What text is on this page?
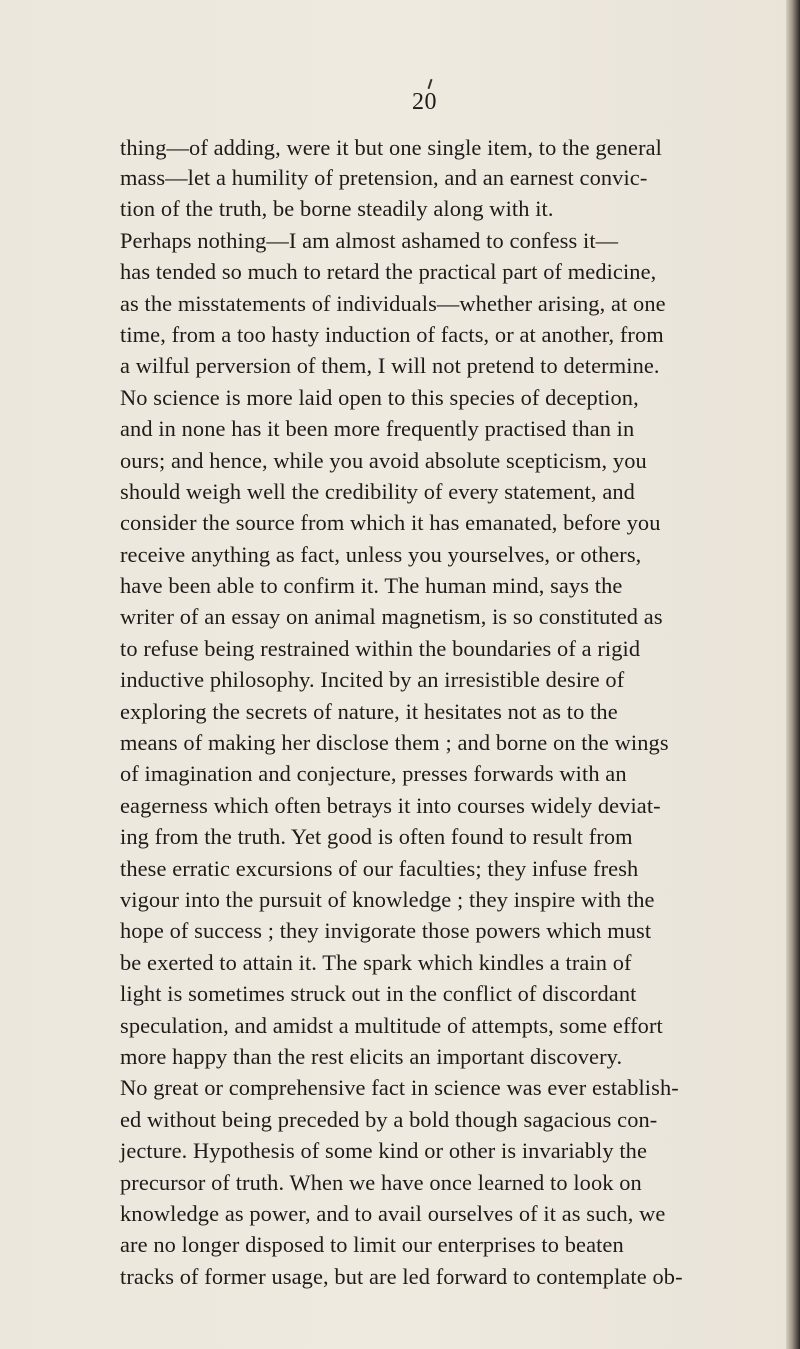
20
thing—of adding, were it but one single item, to the general
mass—let a humility of pretension, and an earnest convic-
tion of the truth, be borne steadily along with it.
Perhaps nothing—I am almost ashamed to confess it—
has tended so much to retard the practical part of medicine,
as the misstatements of individuals—whether arising, at one
time, from a too hasty induction of facts, or at another, from
a wilful perversion of them, I will not pretend to determine.
No science is more laid open to this species of deception,
and in none has it been more frequently practised than in
ours; and hence, while you avoid absolute scepticism, you
should weigh well the credibility of every statement, and
consider the source from which it has emanated, before you
receive anything as fact, unless you yourselves, or others,
have been able to confirm it. The human mind, says the
writer of an essay on animal magnetism, is so constituted as
to refuse being restrained within the boundaries of a rigid
inductive philosophy. Incited by an irresistible desire of
exploring the secrets of nature, it hesitates not as to the
means of making her disclose them ; and borne on the wings
of imagination and conjecture, presses forwards with an
eagerness which often betrays it into courses widely deviat-
ing from the truth. Yet good is often found to result from
these erratic excursions of our faculties; they infuse fresh
vigour into the pursuit of knowledge ; they inspire with the
hope of success ; they invigorate those powers which must
be exerted to attain it. The spark which kindles a train of
light is sometimes struck out in the conflict of discordant
speculation, and amidst a multitude of attempts, some effort
more happy than the rest elicits an important discovery.
No great or comprehensive fact in science was ever establish-
ed without being preceded by a bold though sagacious con-
jecture. Hypothesis of some kind or other is invariably the
precursor of truth. When we have once learned to look on
knowledge as power, and to avail ourselves of it as such, we
are no longer disposed to limit our enterprises to beaten
tracks of former usage, but are led forward to contemplate ob-
